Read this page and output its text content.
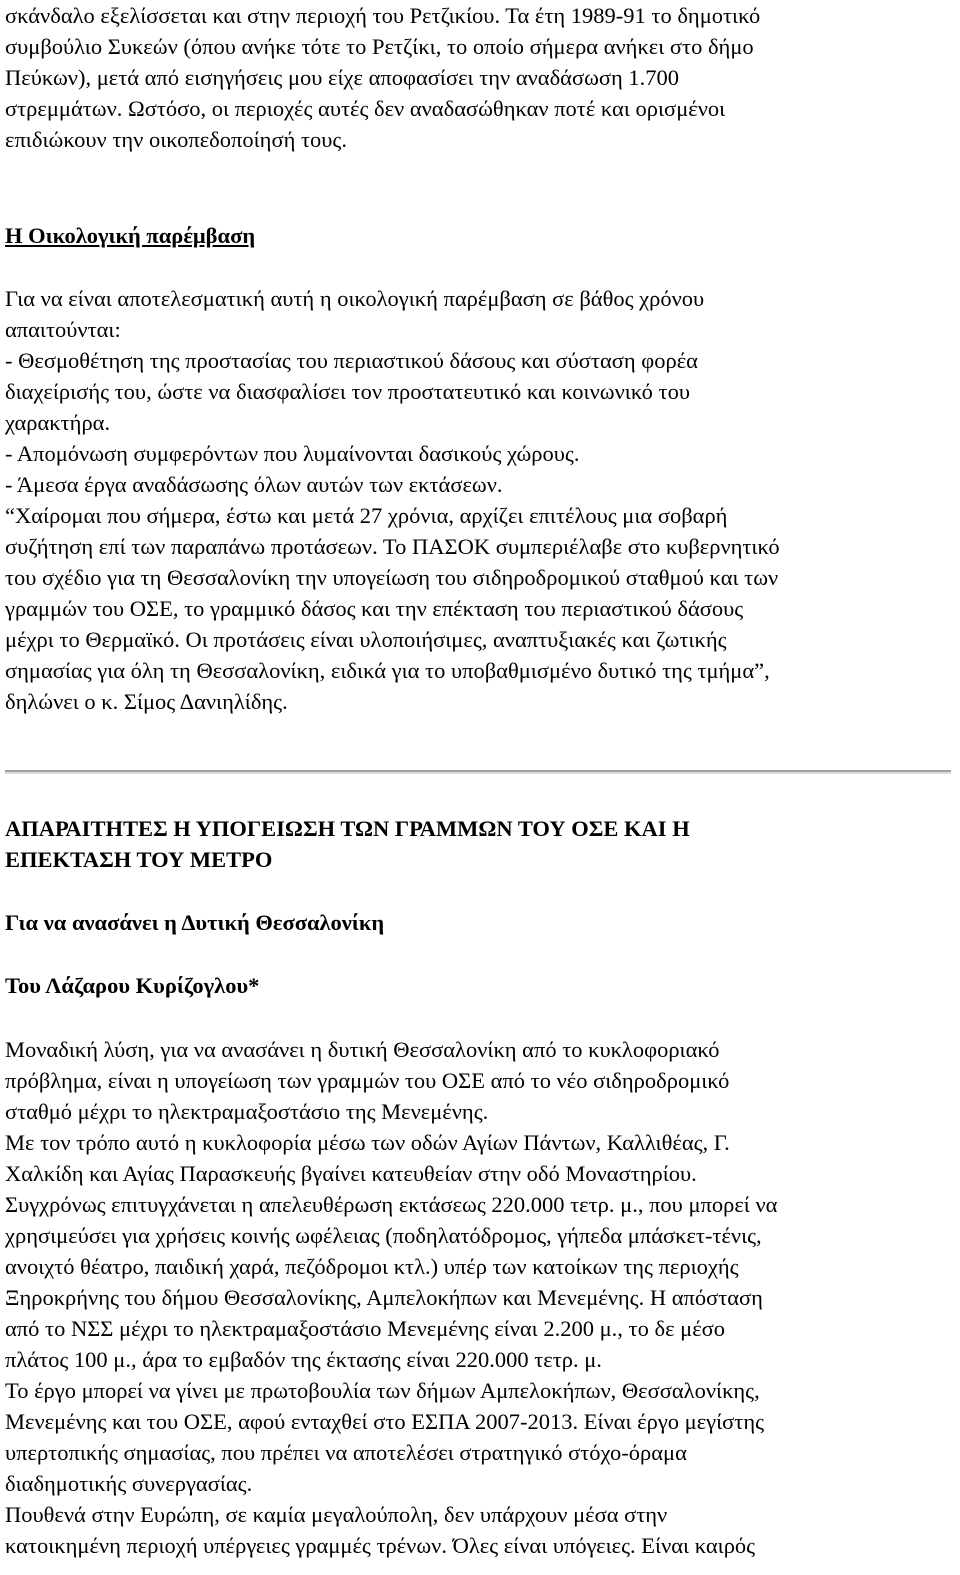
σκάνδαλο εξελίσσεται και στην περιοχή του Ρετζικίου. Τα έτη 1989-91 το δημοτικό
συμβούλιο Συκεών (όπου ανήκε τότε το Ρετζίκι, το οποίο σήμερα ανήκει στο δήμο
Πεύκων), μετά από εισηγήσεις μου είχε αποφασίσει την αναδάσωση 1.700
στρεμμάτων. Ωστόσο, οι περιοχές αυτές δεν αναδασώθηκαν ποτέ και ορισμένοι
επιδιώκουν την οικοπεδοποίησή τους.
Η Οικολογική παρέμβαση
Για να είναι αποτελεσματική αυτή η οικολογική παρέμβαση σε βάθος χρόνου
απαιτούνται:
- Θεσμοθέτηση της προστασίας του περιαστικού δάσους και σύσταση φορέα
διαχείρισής του, ώστε να διασφαλίσει τον προστατευτικό και κοινωνικό του
χαρακτήρα.
- Απομόνωση συμφερόντων που λυμαίνονται δασικούς χώρους.
- Άμεσα έργα αναδάσωσης όλων αυτών των εκτάσεων.
“Χαίρομαι που σήμερα, έστω και μετά 27 χρόνια, αρχίζει επιτέλους μια σοβαρή
συζήτηση επί των παραπάνω προτάσεων. Το ΠΑΣΟΚ συμπεριέλαβε στο κυβερνητικό
του σχέδιο για τη Θεσσαλονίκη την υπογείωση του σιδηροδρομικού σταθμού και των
γραμμών του ΟΣΕ, το γραμμικό δάσος και την επέκταση του περιαστικού δάσους
μέχρι το Θερμαϊκό. Οι προτάσεις είναι υλοποιήσιμες, αναπτυξιακές και ζωτικής
σημασίας για όλη τη Θεσσαλονίκη, ειδικά για το υποβαθμισμένο δυτικό της τμήμα”,
δηλώνει ο κ. Σίμος Δανιηλίδης.
ΑΠΑΡΑΙΤΗΤΕΣ Η ΥΠΟΓΕΙΩΣΗ ΤΩΝ ΓΡΑΜΜΩΝ ΤΟΥ ΟΣΕ ΚΑΙ Η
ΕΠΕΚΤΑΣΗ ΤΟΥ ΜΕΤΡΟ
Για να ανασάνει η Δυτική Θεσσαλονίκη
Του Λάζαρου Κυρίζογλου*
Μοναδική λύση, για να ανασάνει η δυτική Θεσσαλονίκη από το κυκλοφοριακό
πρόβλημα, είναι η υπογείωση των γραμμών του ΟΣΕ από το νέο σιδηροδρομικό
σταθμό μέχρι το ηλεκτραμαξοστάσιο της Μενεμένης.
Με τον τρόπο αυτό η κυκλοφορία μέσω των οδών Αγίων Πάντων, Καλλιθέας, Γ.
Χαλκίδη και Αγίας Παρασκευής βγαίνει κατευθείαν στην οδό Μοναστηρίου.
Συγχρόνως επιτυγχάνεται η απελευθέρωση εκτάσεως 220.000 τετρ. μ., που μπορεί να
χρησιμεύσει για χρήσεις κοινής ωφέλειας (ποδηλατόδρομος, γήπεδα μπάσκετ-τένις,
ανοιχτό θέατρο, παιδική χαρά, πεζόδρομοι κτλ.) υπέρ των κατοίκων της περιοχής
Ξηροκρήνης του δήμου Θεσσαλονίκης, Αμπελοκήπων και Μενεμένης. Η απόσταση
από το ΝΣΣ μέχρι το ηλεκτραμαξοστάσιο Μενεμένης είναι 2.200 μ., το δε μέσο
πλάτος 100 μ., άρα το εμβαδόν της έκτασης είναι 220.000 τετρ. μ.
Το έργο μπορεί να γίνει με πρωτοβουλία των δήμων Αμπελοκήπων, Θεσσαλονίκης,
Μενεμένης και του ΟΣΕ, αφού ενταχθεί στο ΕΣΠΑ 2007-2013. Είναι έργο μεγίστης
υπερτοπικής σημασίας, που πρέπει να αποτελέσει στρατηγικό στόχο-όραμα
διαδημοτικής συνεργασίας.
Πουθενά στην Ευρώπη, σε καμία μεγαλούπολη, δεν υπάρχουν μέσα στην
κατοικημένη περιοχή υπέργειες γραμμές τρένων. Όλες είναι υπόγειες. Είναι καιρός
